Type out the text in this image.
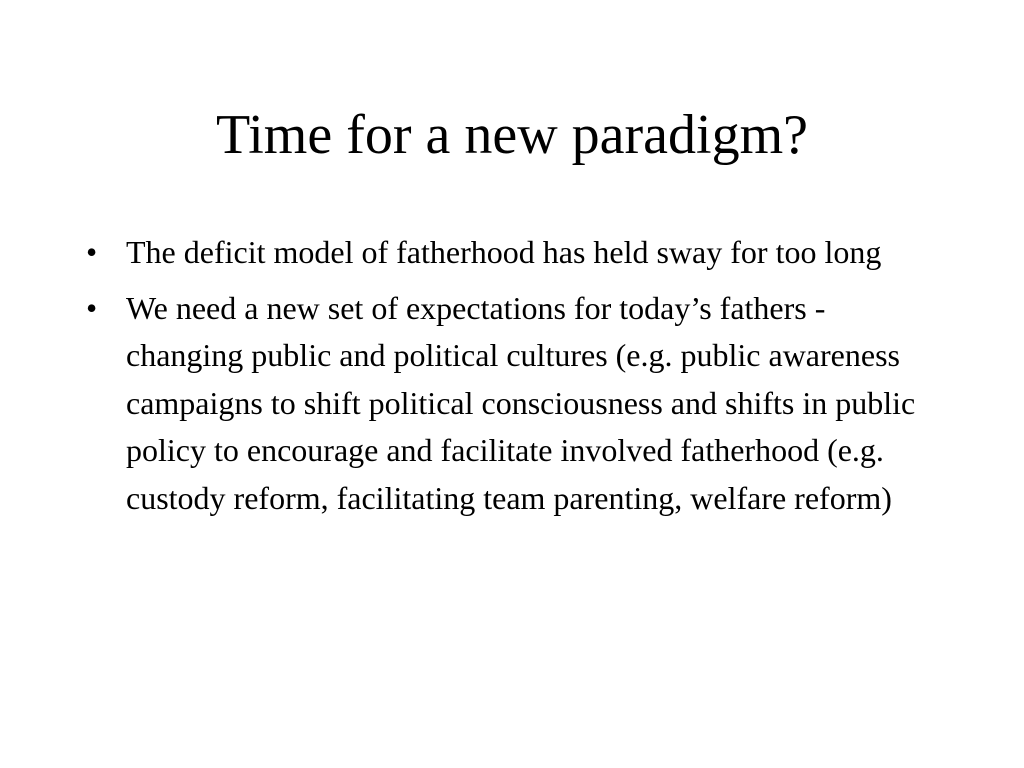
Time for a new paradigm?
• The deficit model of fatherhood has held sway for too long
• We need a new set of expectations for today’s fathers - changing public and political cultures (e.g. public awareness campaigns to shift political consciousness and shifts in public policy to encourage and facilitate involved fatherhood (e.g. custody reform, facilitating team parenting, welfare reform)
